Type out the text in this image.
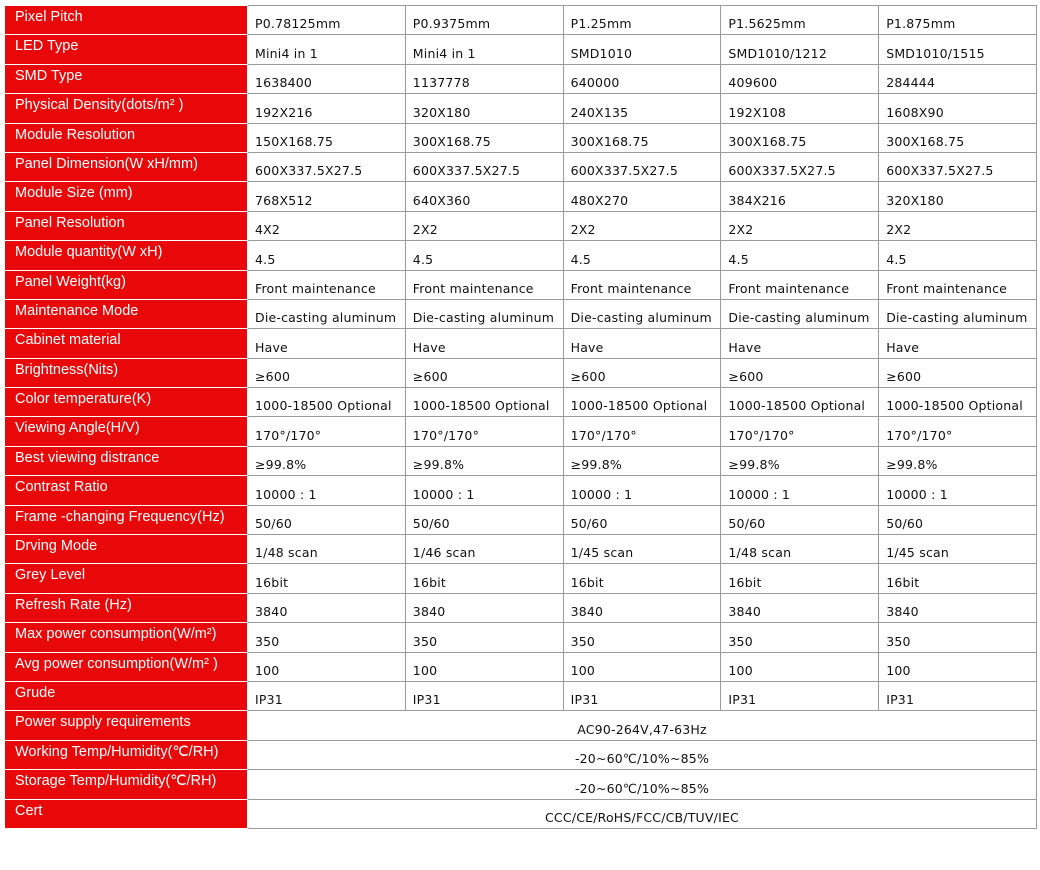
Pixel Pitch	P0.78125mm	P0.9375mm	P1.25mm	P1.5625mm	P1.875mm
LED Type	Mini4 in 1	Mini4 in 1	SMD1010	SMD1010/1212	SMD1010/1515
SMD Type	1638400	1137778	640000	409600	284444
Physical Density(dots/m² )	192X216	320X180	240X135	192X108	1608X90
Module Resolution	150X168.75	300X168.75	300X168.75	300X168.75	300X168.75
Panel Dimension(W xH/mm)	600X337.5X27.5	600X337.5X27.5	600X337.5X27.5	600X337.5X27.5	600X337.5X27.5
Module Size (mm)	768X512	640X360	480X270	384X216	320X180
Panel Resolution	4X2	2X2	2X2	2X2	2X2
Module quantity(W xH)	4.5	4.5	4.5	4.5	4.5
Panel Weight(kg)	Front maintenance	Front maintenance	Front maintenance	Front maintenance	Front maintenance
Maintenance Mode	Die-casting aluminum	Die-casting aluminum	Die-casting aluminum	Die-casting aluminum	Die-casting aluminum
Cabinet material	Have	Have	Have	Have	Have
Brightness(Nits)	≥600	≥600	≥600	≥600	≥600
Color temperature(K)	1000-18500 Optional	1000-18500 Optional	1000-18500 Optional	1000-18500 Optional	1000-18500 Optional
Viewing Angle(H/V)	170°/170°	170°/170°	170°/170°	170°/170°	170°/170°
Best viewing distrance	≥99.8%	≥99.8%	≥99.8%	≥99.8%	≥99.8%
Contrast Ratio	10000 : 1	10000 : 1	10000 : 1	10000 : 1	10000 : 1
Frame -changing Frequency(Hz)	50/60	50/60	50/60	50/60	50/60
Drving Mode	1/48 scan	1/46 scan	1/45 scan	1/48 scan	1/45 scan
Grey Level	16bit	16bit	16bit	16bit	16bit
Refresh Rate (Hz)	3840	3840	3840	3840	3840
Max power consumption(W/m²)	350	350	350	350	350
Avg power consumption(W/m² )	100	100	100	100	100
Grude	IP31	IP31	IP31	IP31	IP31
Power supply requirements	AC90-264V,47-63Hz				
Working Temp/Humidity(℃/RH)	-20~60℃/10%~85%				
Storage Temp/Humidity(℃/RH)	-20~60℃/10%~85%				
Cert	CCC/CE/RoHS/FCC/CB/TUV/IEC				
